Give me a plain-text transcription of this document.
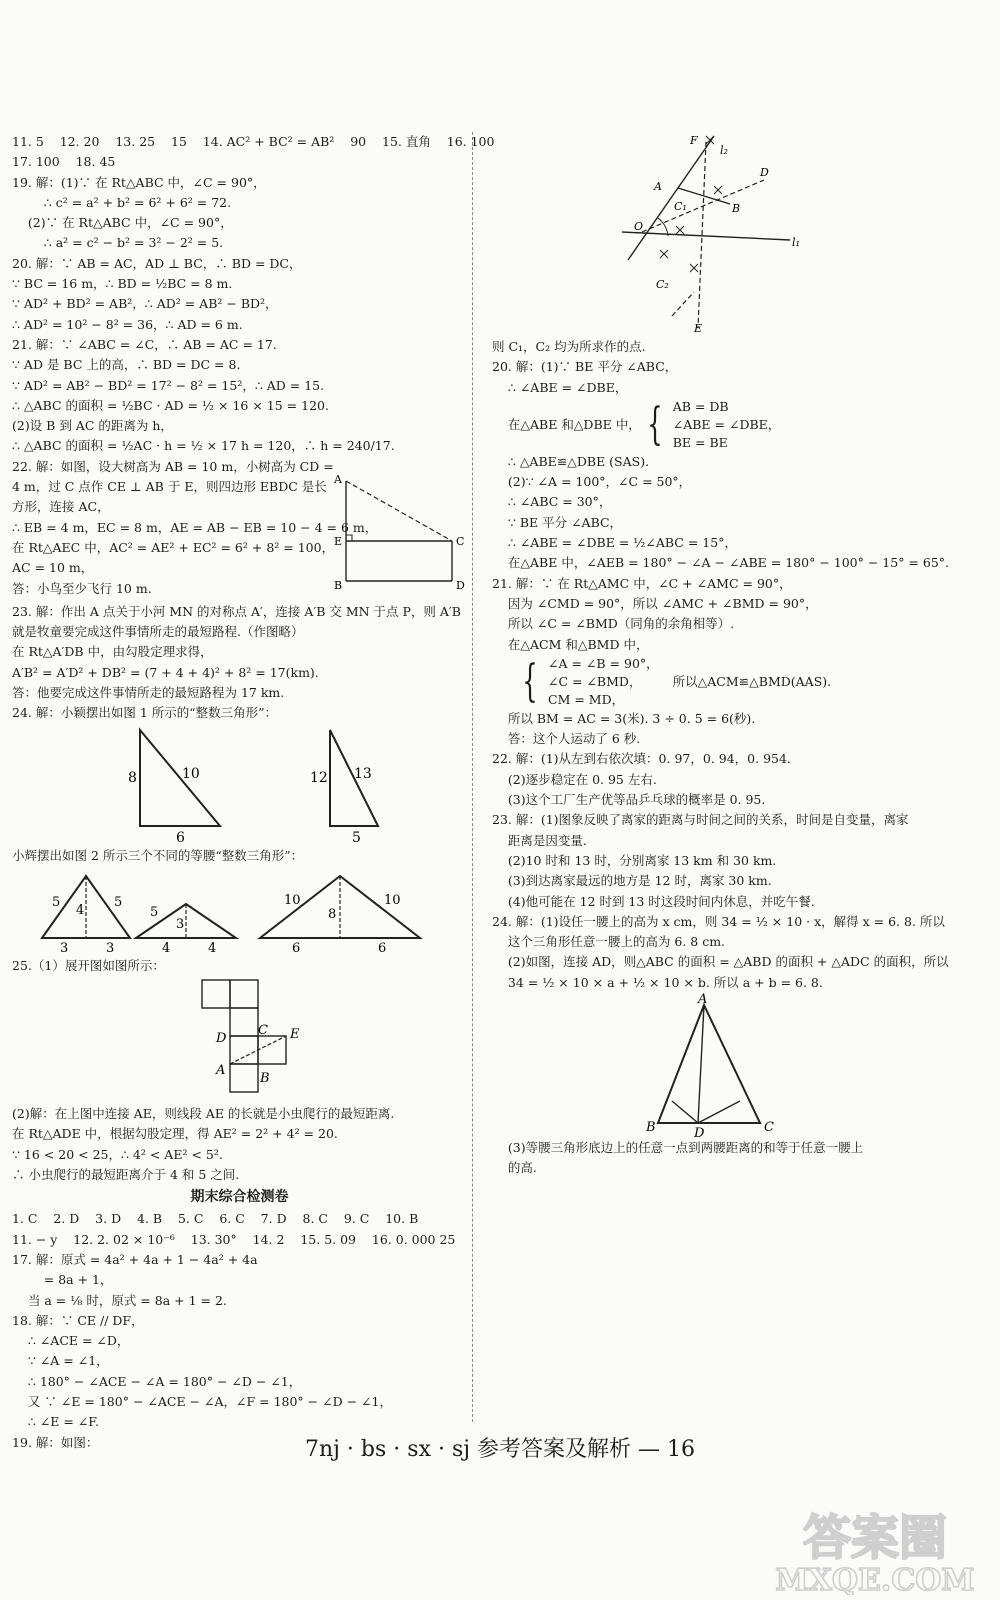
11. 5    12. 20    13. 25    15    14. AC² + BC² = AB²    90    15. 直角    16. 100
17. 100    18. 45
19. 解：(1)∵ 在 Rt△ABC 中，∠C = 90°，
∴ c² = a² + b² = 6² + 6² = 72.
(2)∵ 在 Rt△ABC 中，∠C = 90°，
∴ a² = c² − b² = 3² − 2² = 5.
20. 解：∵ AB = AC，AD ⊥ BC，∴ BD = DC，
∵ BC = 16 m，∴ BD = ½BC = 8 m.
∵ AD² + BD² = AB²，∴ AD² = AB² − BD²，
∴ AD² = 10² − 8² = 36，∴ AD = 6 m.
21. 解：∵ ∠ABC = ∠C，∴ AB = AC = 17.
∵ AD 是 BC 上的高，∴ BD = DC = 8.
∵ AD² = AB² − BD² = 17² − 8² = 15²，∴ AD = 15.
∴ △ABC 的面积 = ½BC · AD = ½ × 16 × 15 = 120.
(2)设 B 到 AC 的距离为 h，
∴ △ABC 的面积 = ½AC · h = ½ × 17 h = 120，∴ h = 240/17.
22. 解：如图，设大树高为 AB = 10 m，小树高为 CD =
4 m，过 C 点作 CE ⊥ AB 于 E，则四边形 EBDC 是长
方形，连接 AC，
∴ EB = 4 m，EC = 8 m，AE = AB − EB = 10 − 4 = 6 m，
在 Rt△AEC 中，AC² = AE² + EC² = 6² + 8² = 100，
AC = 10 m，
答：小鸟至少飞行 10 m.
A
E	C
B	D
23. 解：作出 A 点关于小河 MN 的对称点 A′，连接 A′B 交 MN 于点 P，则 A′B
就是牧童要完成这件事情所走的最短路程.（作图略）
在 Rt△A′DB 中，由勾股定理求得，
A′B² = A′D² + DB² = (7 + 4 + 4)² + 8² = 17(km).
答：他要完成这件事情所走的最短路程为 17 km.
24. 解：小颖摆出如图 1 所示的“整数三角形”：
8	10
6
12 13
5
小辉摆出如图 2 所示三个不同的等腰“整数三角形”：
5
4
5
3	3
5
3
4	4
10
8
10
6	6
25.（1）展开图如图所示：
C E
D
A
B
(2)解：在上图中连接 AE，则线段 AE 的长就是小虫爬行的最短距离.
在 Rt△ADE 中，根据勾股定理，得 AE² = 2² + 4² = 20.
∵ 16 < 20 < 25，∴ 4² < AE² < 5².
∴ 小虫爬行的最短距离介于 4 和 5 之间.
期末综合检测卷
1. C    2. D    3. D    4. B    5. C    6. C    7. D    8. C    9. C    10. B
11. − y    12. 2. 02 × 10⁻⁶    13. 30°    14. 2    15. 5. 09    16. 0. 000 25
17. 解：原式 = 4a² + 4a + 1 − 4a² + 4a
= 8a + 1，
当 a = ⅛ 时，原式 = 8a + 1 = 2.
18. 解：∵ CE // DF，
∴ ∠ACE = ∠D，
∵ ∠A = ∠1，
∴ 180° − ∠ACE − ∠A = 180° − ∠D − ∠1，
又 ∵ ∠E = 180° − ∠ACE − ∠A，∠F = 180° − ∠D − ∠1，
∴ ∠E = ∠F.
19. 解：如图：
F
l₂
A
D
C₁	B
O
l₁
C₂
E
则 C₁，C₂ 均为所求作的点.
20. 解：(1)∵ BE 平分 ∠ABC，
∴ ∠ABE = ∠DBE，
在△ABE 和△DBE 中， { AB = DB
∠ABE = ∠DBE，
BE = BE
∴ △ABE≌△DBE (SAS).
(2)∵ ∠A = 100°，∠C = 50°，
∴ ∠ABC = 30°，
∵ BE 平分 ∠ABC，
∴ ∠ABE = ∠DBE = ½∠ABC = 15°，
在△ABE 中，∠AEB = 180° − ∠A − ∠ABE = 180° − 100° − 15° = 65°.
21. 解：∵ 在 Rt△AMC 中，∠C + ∠AMC = 90°，
因为 ∠CMD = 90°，所以 ∠AMC + ∠BMD = 90°，
所以 ∠C = ∠BMD（同角的余角相等）.
在△ACM 和△BMD 中，
{ ∠A = ∠B = 90°，
∠C = ∠BMD，
CM = MD，
所以△ACM≌△BMD(AAS).
所以 BM = AC = 3(米). 3 ÷ 0. 5 = 6(秒).
答：这个人运动了 6 秒.
22. 解：(1)从左到右依次填：0. 97，0. 94，0. 954.
(2)逐步稳定在 0. 95 左右.
(3)这个工厂生产优等品乒乓球的概率是 0. 95.
23. 解：(1)图象反映了离家的距离与时间之间的关系，时间是自变量，离家
距离是因变量.
(2)10 时和 13 时，分别离家 13 km 和 30 km.
(3)到达离家最远的地方是 12 时，离家 30 km.
(4)他可能在 12 时到 13 时这段时间内休息，并吃午餐.
24. 解：(1)设任一腰上的高为 x cm，则 34 = ½ × 10 · x，解得 x = 6. 8. 所以
这个三角形任意一腰上的高为 6. 8 cm.
(2)如图，连接 AD，则△ABC 的面积 = △ABD 的面积 + △ADC 的面积，所以
34 = ½ × 10 × a + ½ × 10 × b. 所以 a + b = 6. 8.
A
B	D	C
(3)等腰三角形底边上的任意一点到两腰距离的和等于任意一腰上
的高.
7nj · bs · sx · sj 参考答案及解析 — 16
答案圈
MXQE.COM
